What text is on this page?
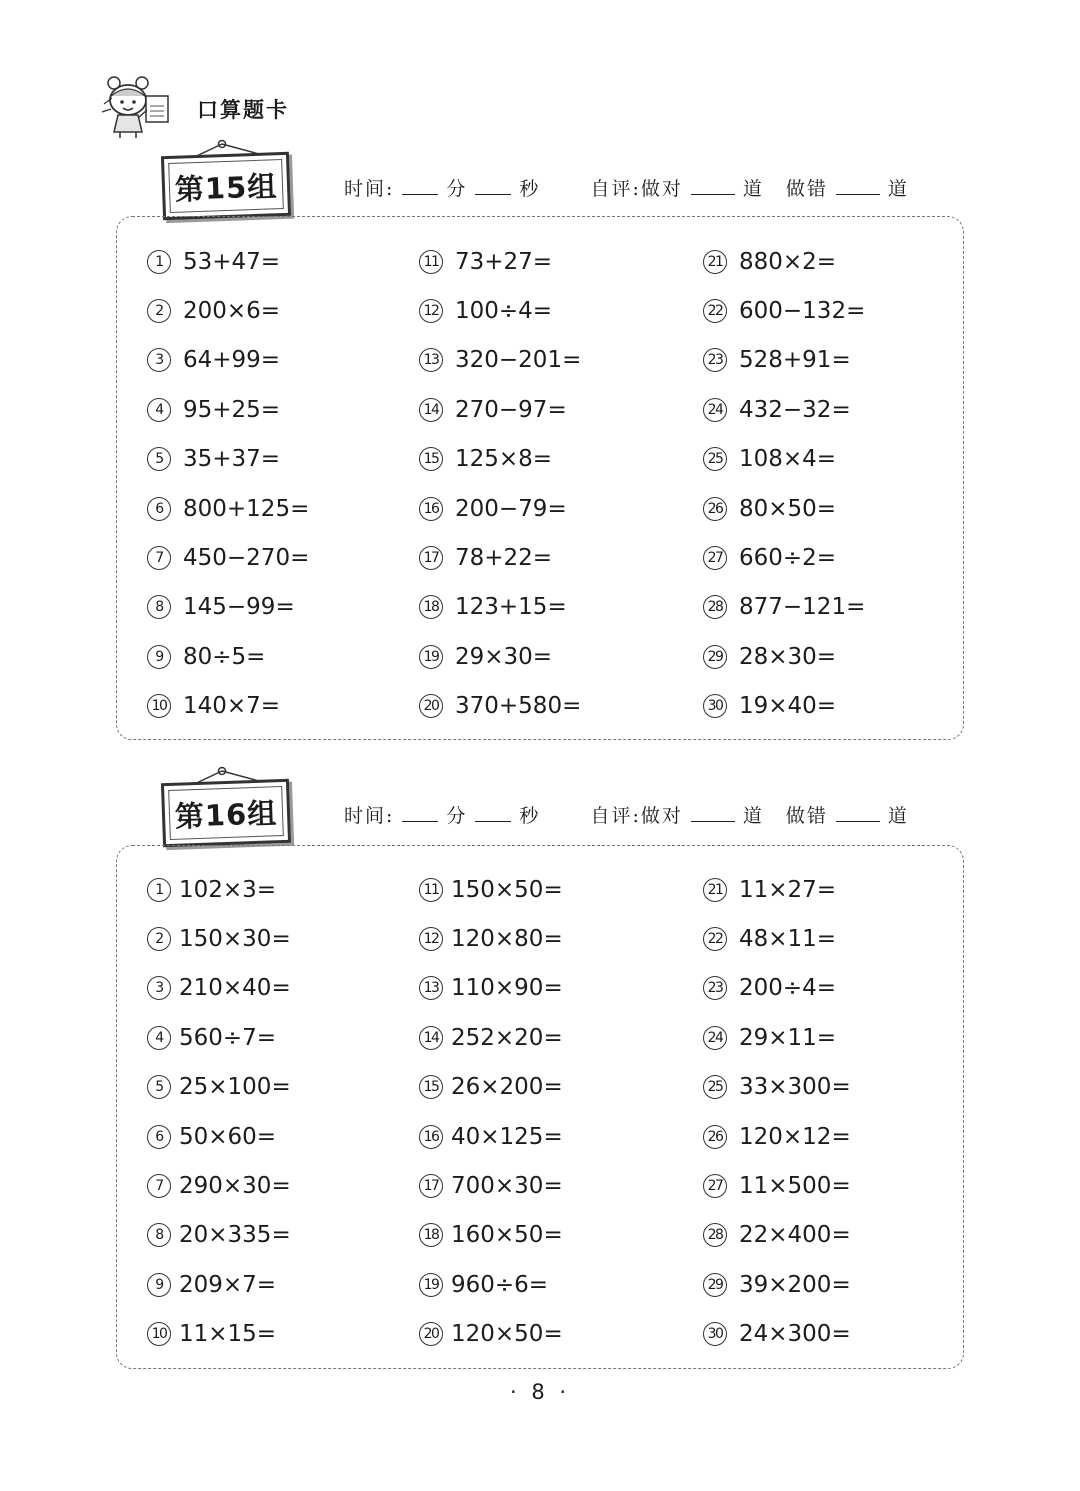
口算题卡
第15组	时间:	分	秒	自评:做对	道 做错	道
1 53+47=
2 200×6=
3 64+99=
4 95+25=
5 35+37=
6 800+125=
7 450−270=
8 145−99=
9 80÷5=
10 140×7=
11 73+27=
12 100÷4=
13 320−201=
14 270−97=
15 125×8=
16 200−79=
17 78+22=
18 123+15=
19 29×30=
20 370+580=
21 880×2=
22 600−132=
23 528+91=
24 432−32=
25 108×4=
26 80×50=
27 660÷2=
28 877−121=
29 28×30=
30 19×40=
第16组	时间:	分	秒	自评:做对	道 做错	道
1 102×3=
2 150×30=
3 210×40=
4 560÷7=
5 25×100=
6 50×60=
7 290×30=
8 20×335=
9 209×7=
10 11×15=
11 150×50=
12 120×80=
13 110×90=
14 252×20=
15 26×200=
16 40×125=
17 700×30=
18 160×50=
19 960÷6=
20 120×50=
21 11×27=
22 48×11=
23 200÷4=
24 29×11=
25 33×300=
26 120×12=
27 11×500=
28 22×400=
29 39×200=
30 24×300=
· 8 ·
